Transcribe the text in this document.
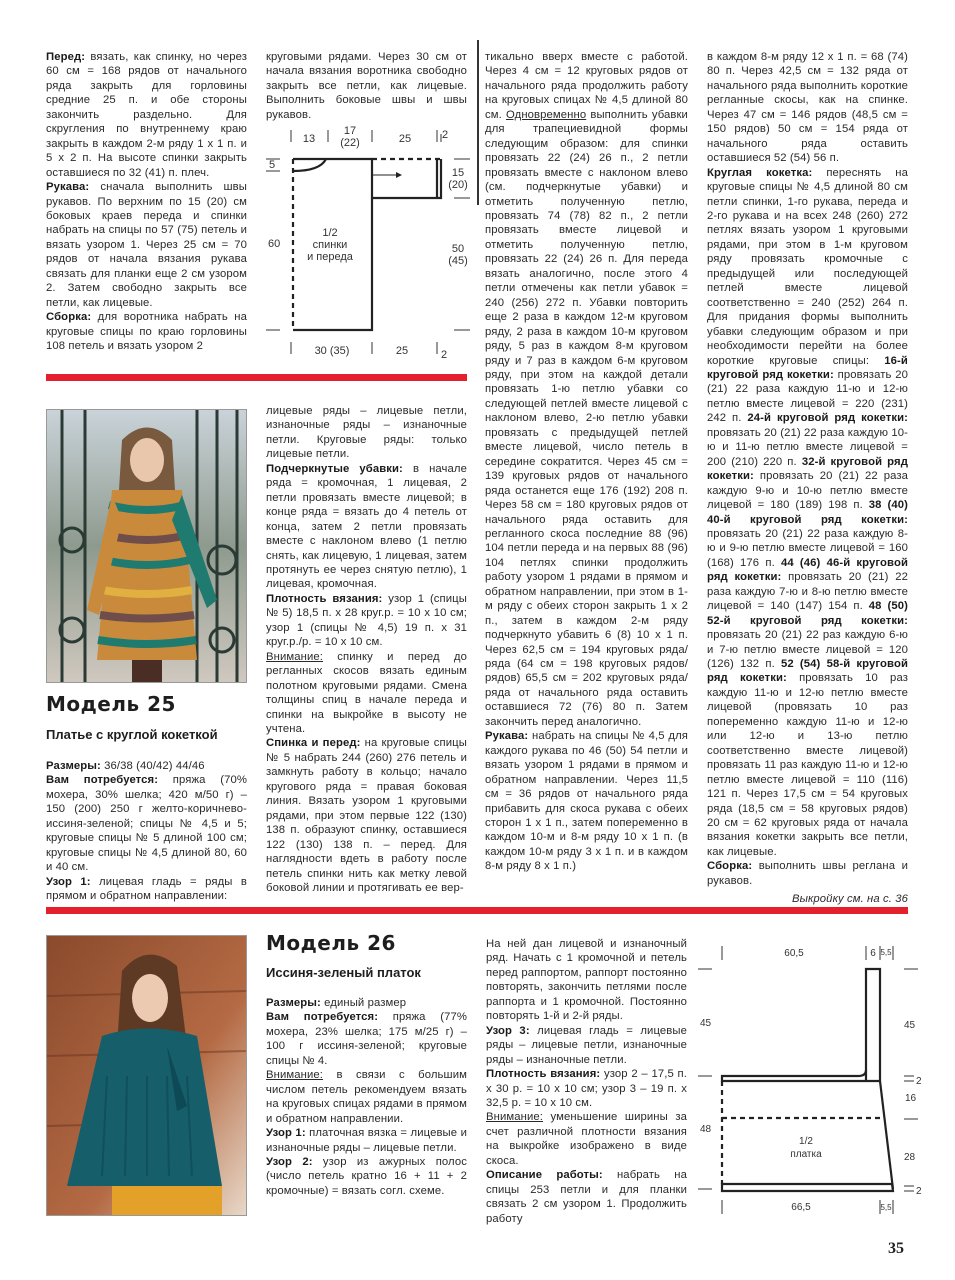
Перед: вязать, как спинку, но через 60 см = 168 рядов от начального ряда закрыть для горловины средние 25 п. и обе стороны закончить раздельно. Для скругления по внутреннему краю закрыть в каждом 2-м ряду 1 х 1 п. и 5 х 2 п. На высоте спинки закрыть оставшиеся по 32 (41) п. плеч.

Рукава: сначала выполнить швы рукавов. По верхним по 15 (20) см боковых краев переда и спинки набрать на спицы по 57 (75) петель и вязать узором 1. Через 25 см = 70 рядов от начала вязания рукава связать для планки еще 2 см узором 2. Затем свободно закрыть все петли, как лицевые.

Сборка: для воротника набрать на круговые спицы по краю горловины 108 петель и вязать узором 2

круговыми рядами. Через 30 см от начала вязания воротника свободно закрыть все петли, как лицевые. Выполнить боковые швы и швы рукавов.

13
17
(22)	25	2
5
60
15
(20)
50
(45)
30 (35)	25	2
1/2
спинки
и переда
Модель 25
Платье с круглой кокеткой

Размеры: 36/38 (40/42) 44/46

Вам потребуется: пряжа (70% мохера, 30% шелка; 420 м/50 г) – 150 (200) 250 г желто-коричнево-иссиня-зеленой; спицы № 4,5 и 5; круговые спицы № 5 длиной 100 см; круговые спицы № 4,5 длиной 80, 60 и 40 см.

Узор 1: лицевая гладь = ряды в прямом и обратном направлении:

лицевые ряды – лицевые петли, изнаночные ряды – изнаночные петли. Круговые ряды: только лицевые петли.

Подчеркнутые убавки: в начале ряда = кромочная, 1 лицевая, 2 петли провязать вместе лицевой; в конце ряда = вязать до 4 петель от конца, затем 2 петли провязать вместе с наклоном влево (1 петлю снять, как лицевую, 1 лицевая, затем протянуть ее через снятую петлю), 1 лицевая, кромочная.

Плотность вязания: узор 1 (спицы № 5) 18,5 п. х 28 круг.р. = 10 х 10 см; узор 1 (спицы № 4,5) 19 п. х 31 круг.р./р. = 10 х 10 см.

Внимание: спинку и перед до регланных скосов вязать единым полотном круговыми рядами. Смена толщины спиц в начале переда и спинки на выкройке в высоту не учтена.

Спинка и перед: на круговые спицы № 5 набрать 244 (260) 276 петель и замкнуть работу в кольцо; начало кругового ряда = правая боковая линия. Вязать узором 1 круговыми рядами, при этом первые 122 (130) 138 п. образуют спинку, оставшиеся 122 (130) 138 п. – перед. Для наглядности вдеть в работу после петель спинки нить как метку левой боковой линии и протягивать ее вер-

тикально вверх вместе с работой. Через 4 см = 12 круговых рядов от начального ряда продолжить работу на круговых спицах № 4,5 длиной 80 см. Одновременно выполнить убавки для трапециевидной формы следующим образом: для спинки провязать 22 (24) 26 п., 2 петли провязать вместе с наклоном влево (см. подчеркнутые убавки) и отметить полученную петлю, провязать 74 (78) 82 п., 2 петли провязать вместе лицевой и отметить полученную петлю, провязать 22 (24) 26 п. Для переда вязать аналогично, после этого 4 петли отмечены как петли убавок = 240 (256) 272 п. Убавки повторить еще 2 раза в каждом 12-м круговом ряду, 2 раза в каждом 10-м круговом ряду, 5 раз в каждом 8-м круговом ряду и 7 раз в каждом 6-м круговом ряду, при этом на каждой детали провязать 1-ю петлю убавки со следующей петлей вместе лицевой с наклоном влево, 2-ю петлю убавки провязать с предыдущей петлей вместе лицевой, число петель в середине сократится. Через 45 см = 139 круговых рядов от начального ряда останется еще 176 (192) 208 п. Через 58 см = 180 круговых рядов от начального ряда оставить для регланного скоса последние 88 (96) 104 петли переда и на первых 88 (96) 104 петлях спинки продолжить работу узором 1 рядами в прямом и обратном направлении, при этом в 1-м ряду с обеих сторон закрыть 1 х 2 п., затем в каждом 2-м ряду подчеркнуто убавить 6 (8) 10 х 1 п. Через 62,5 см = 194 круговых ряда/ряда (64 см = 198 круговых рядов/рядов) 65,5 см = 202 круговых ряда/ряда от начального ряда оставить оставшиеся 72 (76) 80 п. Затем закончить перед аналогично.

Рукава: набрать на спицы № 4,5 для каждого рукава по 46 (50) 54 петли и вязать узором 1 рядами в прямом и обратном направлении. Через 11,5 см = 36 рядов от начального ряда прибавить для скоса рукава с обеих сторон 1 х 1 п., затем попеременно в каждом 10-м и 8-м ряду 10 х 1 п. (в каждом 10-м ряду 3 х 1 п. и в каждом 8-м ряду 8 х 1 п.)

в каждом 8-м ряду 12 х 1 п. = 68 (74) 80 п. Через 42,5 см = 132 ряда от начального ряда выполнить короткие регланные скосы, как на спинке. Через 47 см = 146 рядов (48,5 см = 150 рядов) 50 см = 154 ряда от начального ряда оставить оставшиеся 52 (54) 56 п.

Круглая кокетка: переснять на круговые спицы № 4,5 длиной 80 см петли спинки, 1-го рукава, переда и 2-го рукава и на всех 248 (260) 272 петлях вязать узором 1 круговыми рядами, при этом в 1-м круговом ряду провязать кромочные с предыдущей или последующей петлей вместе лицевой соответственно = 240 (252) 264 п. Для придания формы выполнить убавки следующим образом и при необходимости перейти на более короткие круговые спицы: 16-й круговой ряд кокетки: провязать 20 (21) 22 раза каждую 11-ю и 12-ю петлю вместе лицевой = 220 (231) 242 п. 24-й круговой ряд кокетки: провязать 20 (21) 22 раза каждую 10-ю и 11-ю петлю вместе лицевой = 200 (210) 220 п. 32-й круговой ряд кокетки: провязать 20 (21) 22 раза каждую 9-ю и 10-ю петлю вместе лицевой = 180 (189) 198 п. 38 (40) 40-й круговой ряд кокетки: провязать 20 (21) 22 раза каждую 8-ю и 9-ю петлю вместе лицевой = 160 (168) 176 п. 44 (46) 46-й круговой ряд кокетки: провязать 20 (21) 22 раза каждую 7-ю и 8-ю петлю вместе лицевой = 140 (147) 154 п. 48 (50) 52-й круговой ряд кокетки: провязать 20 (21) 22 раз каждую 6-ю и 7-ю петлю вместе лицевой = 120 (126) 132 п. 52 (54) 58-й круговой ряд кокетки: провязать 10 раз каждую 11-ю и 12-ю петлю вместе лицевой (провязать 10 раз попеременно каждую 11-ю и 12-ю или 12-ю и 13-ю петлю соответственно вместе лицевой) провязать 11 раз каждую 11-ю и 12-ю петлю вместе лицевой = 110 (116) 121 п. Через 17,5 см = 54 круговых ряда (18,5 см = 58 круговых рядов) 20 см = 62 круговых ряда от начала вязания кокетки закрыть все петли, как лицевые.

Сборка: выполнить швы реглана и рукавов.

Выкройку см. на с. 36

Модель 26
Иссиня-зеленый платок

Размеры: единый размер

Вам потребуется: пряжа (77% мохера, 23% шелка; 175 м/25 г) – 100 г иссиня-зеленой; круговые спицы № 4.

Внимание: в связи с большим числом петель рекомендуем вязать на круговых спицах рядами в прямом и обратном направлении.

Узор 1: платочная вязка = лицевые и изнаночные ряды – лицевые петли.

Узор 2: узор из ажурных полос (число петель кратно 16 + 11 + 2 кромочные) = вязать согл. схеме.

На ней дан лицевой и изнаночный ряд. Начать с 1 кромочной и петель перед раппортом, раппорт постоянно повторять, закончить петлями после раппорта и 1 кромочной. Постоянно повторять 1-й и 2-й ряды.

Узор 3: лицевая гладь = лицевые ряды – лицевые петли, изнаночные ряды – изнаночные петли.

Плотность вязания: узор 2 – 17,5 п. х 30 р. = 10 х 10 см; узор 3 – 19 п. х 32,5 р. = 10 х 10 см.

Внимание: уменьшение ширины за счет различной плотности вязания на выкройке изображено в виде скоса.

Описание работы: набрать на спицы 253 петли и для планки связать 2 см узором 1. Продолжить работу

60,5	6 5,5
45
48
45
2
16
28
2
66,5	5,5
1/2
платка
35
